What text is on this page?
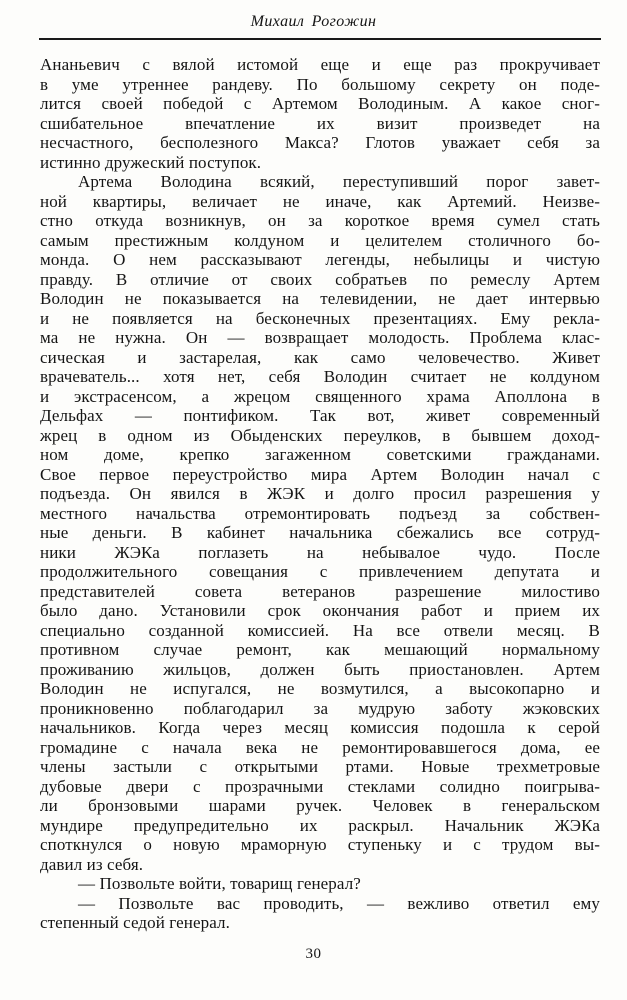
Михаил Рогожин
Ананьевич с вялой истомой еще и еще раз прокручивает
в уме утреннее рандеву. По большому секрету он поде-
лится своей победой с Артемом Володиным. А какое сног-
сшибательное впечатление их визит произведет на
несчастного, бесполезного Макса? Глотов уважает себя за
истинно дружеский поступок.
Артема Володина всякий, переступивший порог завет-
ной квартиры, величает не иначе, как Артемий. Неизве-
стно откуда возникнув, он за короткое время сумел стать
самым престижным колдуном и целителем столичного бо-
монда. О нем рассказывают легенды, небылицы и чистую
правду. В отличие от своих собратьев по ремеслу Артем
Володин не показывается на телевидении, не дает интервью
и не появляется на бесконечных презентациях. Ему рекла-
ма не нужна. Он — возвращает молодость. Проблема клас-
сическая и застарелая, как само человечество. Живет
врачеватель... хотя нет, себя Володин считает не колдуном
и экстрасенсом, а жрецом священного храма Аполлона в
Дельфах — понтификом. Так вот, живет современный
жрец в одном из Обыденских переулков, в бывшем доход-
ном доме, крепко загаженном советскими гражданами.
Свое первое переустройство мира Артем Володин начал с
подъезда. Он явился в ЖЭК и долго просил разрешения у
местного начальства отремонтировать подъезд за собствен-
ные деньги. В кабинет начальника сбежались все сотруд-
ники ЖЭКа поглазеть на небывалое чудо. После
продолжительного совещания с привлечением депутата и
представителей совета ветеранов разрешение милостиво
было дано. Установили срок окончания работ и прием их
специально созданной комиссией. На все отвели месяц. В
противном случае ремонт, как мешающий нормальному
проживанию жильцов, должен быть приостановлен. Артем
Володин не испугался, не возмутился, а высокопарно и
проникновенно поблагодарил за мудрую заботу жэковских
начальников. Когда через месяц комиссия подошла к серой
громадине с начала века не ремонтировавшегося дома, ее
члены застыли с открытыми ртами. Новые трехметровые
дубовые двери с прозрачными стеклами солидно поигрыва-
ли бронзовыми шарами ручек. Человек в генеральском
мундире предупредительно их раскрыл. Начальник ЖЭКа
споткнулся о новую мраморную ступеньку и с трудом вы-
давил из себя.
— Позвольте войти, товарищ генерал?
— Позвольте вас проводить, — вежливо ответил ему
степенный седой генерал.
30
